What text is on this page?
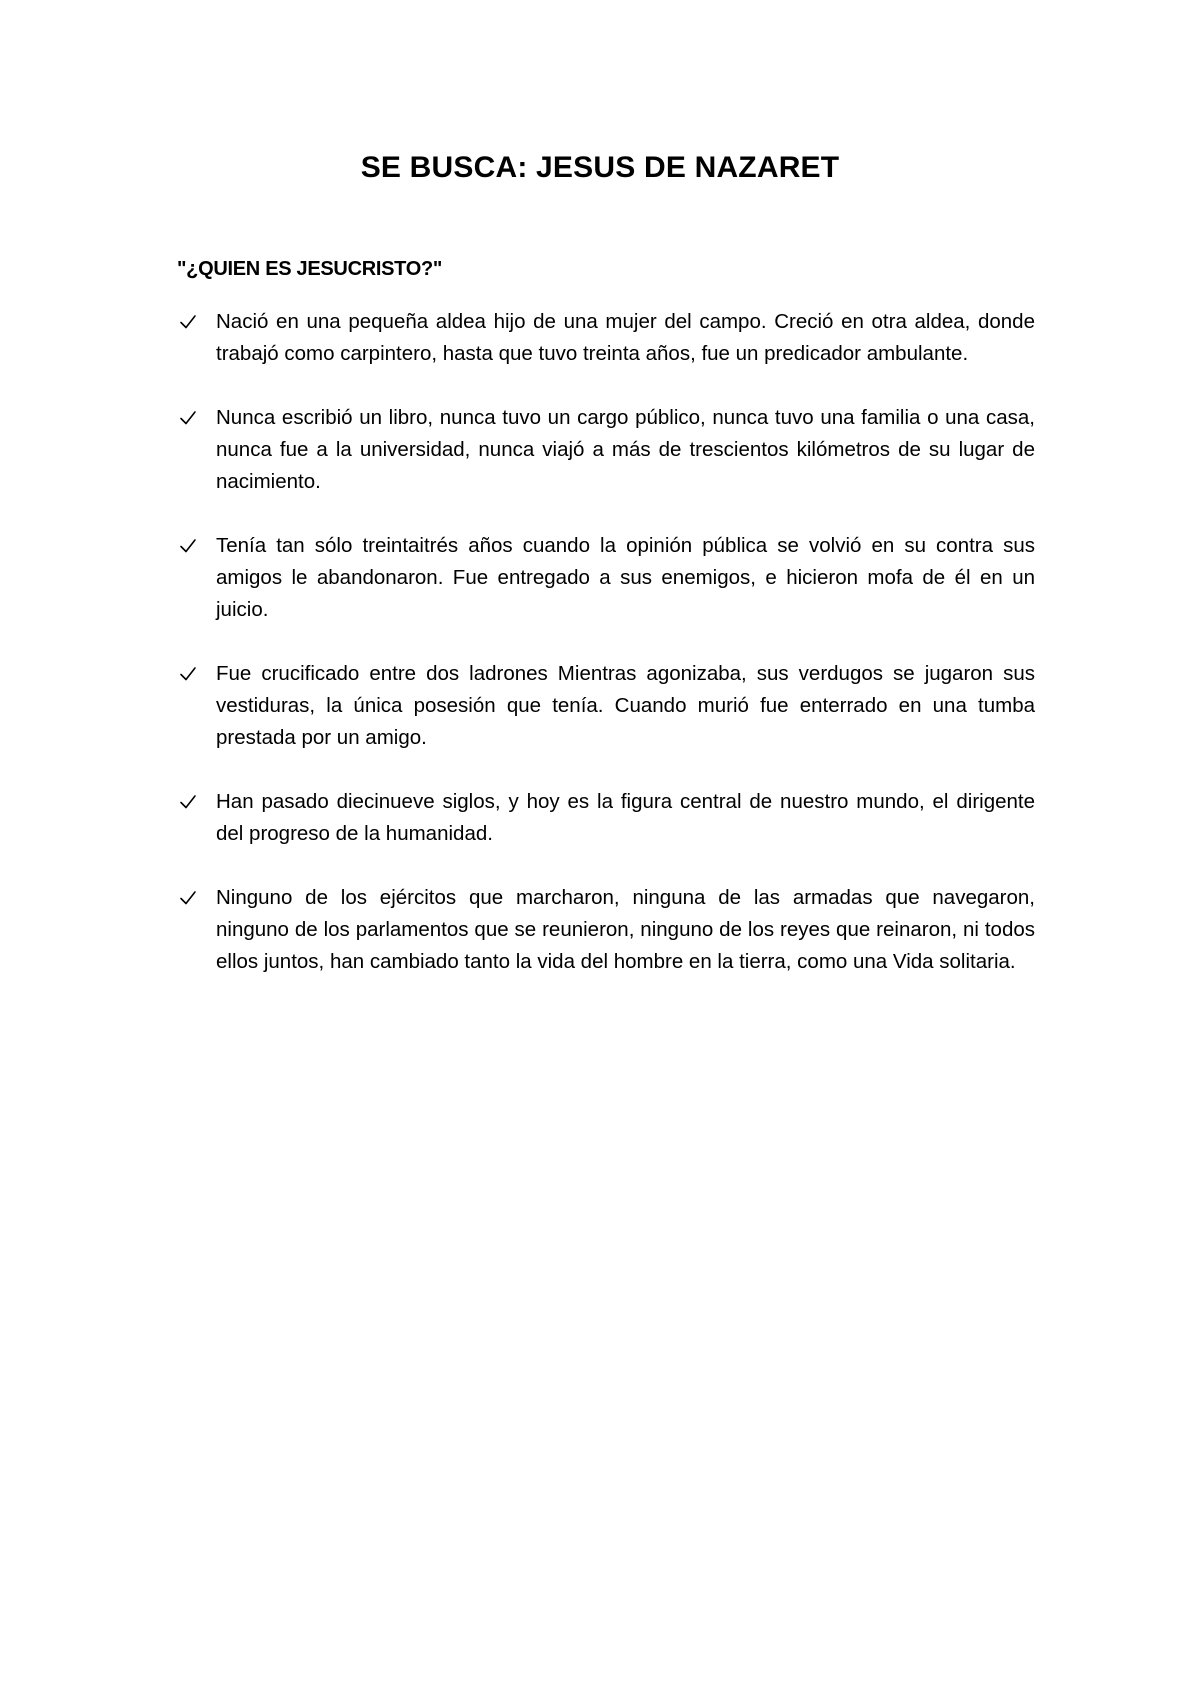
SE BUSCA: JESUS DE NAZARET
"¿QUIEN ES JESUCRISTO?"
Nació en una pequeña aldea hijo de una mujer del campo. Creció en otra aldea, donde trabajó como carpintero, hasta que tuvo treinta años, fue un predicador ambulante.
Nunca escribió un libro, nunca tuvo un cargo público, nunca tuvo una familia o una casa, nunca fue a la universidad, nunca viajó a más de trescientos kilómetros de su lugar de nacimiento.
Tenía tan sólo treintaitrés años cuando la opinión pública se volvió en su contra sus amigos le abandonaron. Fue entregado a sus enemigos, e hicieron mofa de él en un juicio.
Fue crucificado entre dos ladrones Mientras agonizaba, sus verdugos se jugaron sus vestiduras, la única posesión que tenía. Cuando murió fue enterrado en una tumba prestada por un amigo.
Han pasado diecinueve siglos, y hoy es la figura central de nuestro mundo, el dirigente del progreso de la humanidad.
Ninguno de los ejércitos que marcharon, ninguna de las armadas que navegaron, ninguno de los parlamentos que se reunieron, ninguno de los reyes que reinaron, ni todos ellos juntos, han cambiado tanto la vida del hombre en la tierra, como una Vida solitaria.
